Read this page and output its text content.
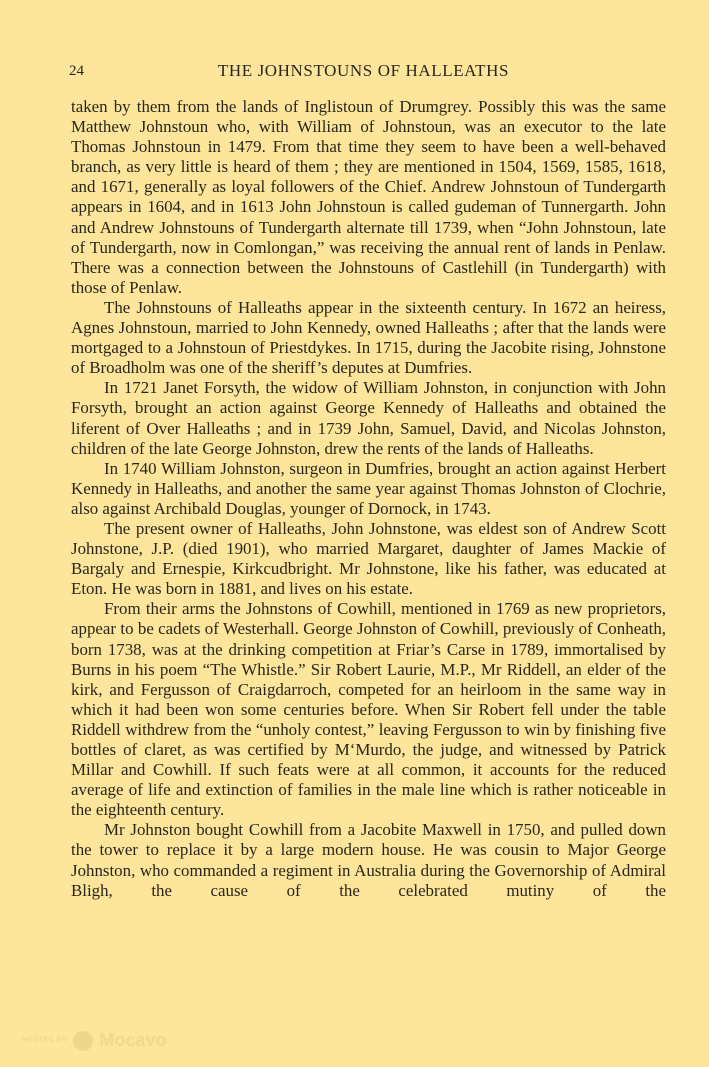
24	THE JOHNSTOUNS OF HALLEATHS

taken by them from the lands of Inglistoun of Drumgrey. Possibly this was the same Matthew Johnstoun who, with William of Johnstoun, was an executor to the late Thomas Johnstoun in 1479. From that time they seem to have been a well-behaved branch, as very little is heard of them ; they are mentioned in 1504, 1569, 1585, 1618, and 1671, generally as loyal followers of the Chief. Andrew Johnstoun of Tundergarth appears in 1604, and in 1613 John Johnstoun is called gudeman of Tunnergarth. John and Andrew Johnstouns of Tundergarth alternate till 1739, when “John Johnstoun, late of Tundergarth, now in Comlongan,” was receiving the annual rent of lands in Penlaw. There was a connection between the Johnstouns of Castlehill (in Tundergarth) with those of Penlaw.

The Johnstouns of Halleaths appear in the sixteenth century. In 1672 an heiress, Agnes Johnstoun, married to John Kennedy, owned Halleaths ; after that the lands were mortgaged to a Johnstoun of Priestdykes. In 1715, during the Jacobite rising, Johnstone of Broadholm was one of the sheriff’s deputes at Dumfries.

In 1721 Janet Forsyth, the widow of William Johnston, in conjunction with John Forsyth, brought an action against George Kennedy of Halleaths and obtained the liferent of Over Halleaths ; and in 1739 John, Samuel, David, and Nicolas Johnston, children of the late George Johnston, drew the rents of the lands of Halleaths.

In 1740 William Johnston, surgeon in Dumfries, brought an action against Herbert Kennedy in Halleaths, and another the same year against Thomas Johnston of Clochrie, also against Archibald Douglas, younger of Dornock, in 1743.

The present owner of Halleaths, John Johnstone, was eldest son of Andrew Scott Johnstone, J.P. (died 1901), who married Margaret, daughter of James Mackie of Bargaly and Ernespie, Kirkcudbright. Mr Johnstone, like his father, was educated at Eton. He was born in 1881, and lives on his estate.

From their arms the Johnstons of Cowhill, mentioned in 1769 as new proprietors, appear to be cadets of Westerhall. George Johnston of Cowhill, previously of Conheath, born 1738, was at the drinking competition at Friar’s Carse in 1789, immortalised by Burns in his poem “The Whistle.” Sir Robert Laurie, M.P., Mr Riddell, an elder of the kirk, and Fergusson of Craigdarroch, competed for an heirloom in the same way in which it had been won some centuries before. When Sir Robert fell under the table Riddell withdrew from the “unholy contest,” leaving Fergusson to win by finishing five bottles of claret, as was certified by M‘Murdo, the judge, and witnessed by Patrick Millar and Cowhill. If such feats were at all common, it accounts for the reduced average of life and extinction of families in the male line which is rather noticeable in the eighteenth century.

Mr Johnston bought Cowhill from a Jacobite Maxwell in 1750, and pulled down the tower to replace it by a large modern house. He was cousin to Major George Johnston, who commanded a regiment in Australia during the Governorship of Admiral Bligh, the cause of the celebrated mutiny of the

HOSTED BY Mocavo
